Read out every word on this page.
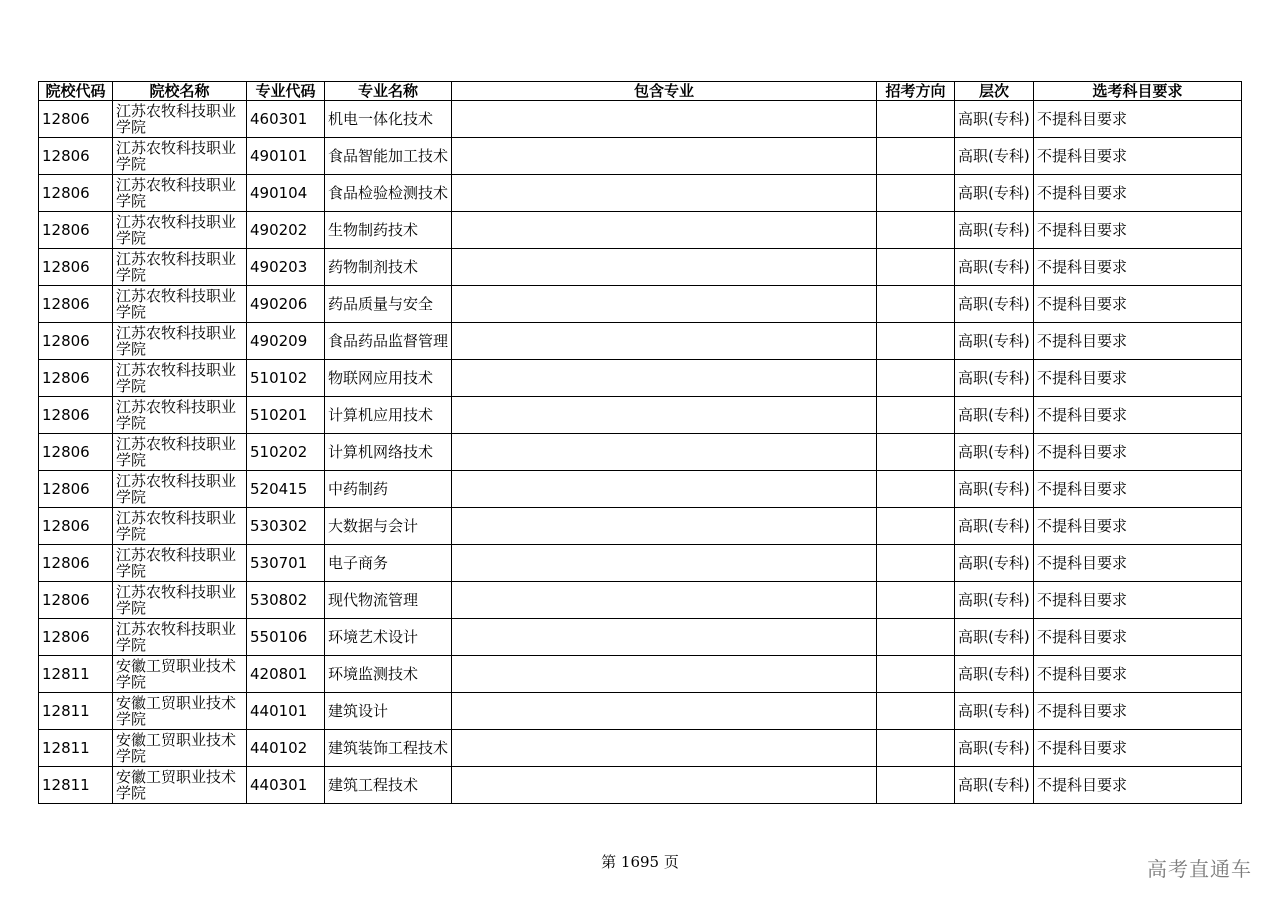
院校代码	院校名称	专业代码	专业名称	包含专业	招考方向	层次	选考科目要求
12806	江苏农牧科技职业学院	460301	机电一体化技术			高职(专科)	不提科目要求
12806	江苏农牧科技职业学院	490101	食品智能加工技术			高职(专科)	不提科目要求
12806	江苏农牧科技职业学院	490104	食品检验检测技术			高职(专科)	不提科目要求
12806	江苏农牧科技职业学院	490202	生物制药技术			高职(专科)	不提科目要求
12806	江苏农牧科技职业学院	490203	药物制剂技术			高职(专科)	不提科目要求
12806	江苏农牧科技职业学院	490206	药品质量与安全			高职(专科)	不提科目要求
12806	江苏农牧科技职业学院	490209	食品药品监督管理			高职(专科)	不提科目要求
12806	江苏农牧科技职业学院	510102	物联网应用技术			高职(专科)	不提科目要求
12806	江苏农牧科技职业学院	510201	计算机应用技术			高职(专科)	不提科目要求
12806	江苏农牧科技职业学院	510202	计算机网络技术			高职(专科)	不提科目要求
12806	江苏农牧科技职业学院	520415	中药制药			高职(专科)	不提科目要求
12806	江苏农牧科技职业学院	530302	大数据与会计			高职(专科)	不提科目要求
12806	江苏农牧科技职业学院	530701	电子商务			高职(专科)	不提科目要求
12806	江苏农牧科技职业学院	530802	现代物流管理			高职(专科)	不提科目要求
12806	江苏农牧科技职业学院	550106	环境艺术设计			高职(专科)	不提科目要求
12811	安徽工贸职业技术学院	420801	环境监测技术			高职(专科)	不提科目要求
12811	安徽工贸职业技术学院	440101	建筑设计			高职(专科)	不提科目要求
12811	安徽工贸职业技术学院	440102	建筑装饰工程技术			高职(专科)	不提科目要求
12811	安徽工贸职业技术学院	440301	建筑工程技术			高职(专科)	不提科目要求
第 1695 页	高考直通车
